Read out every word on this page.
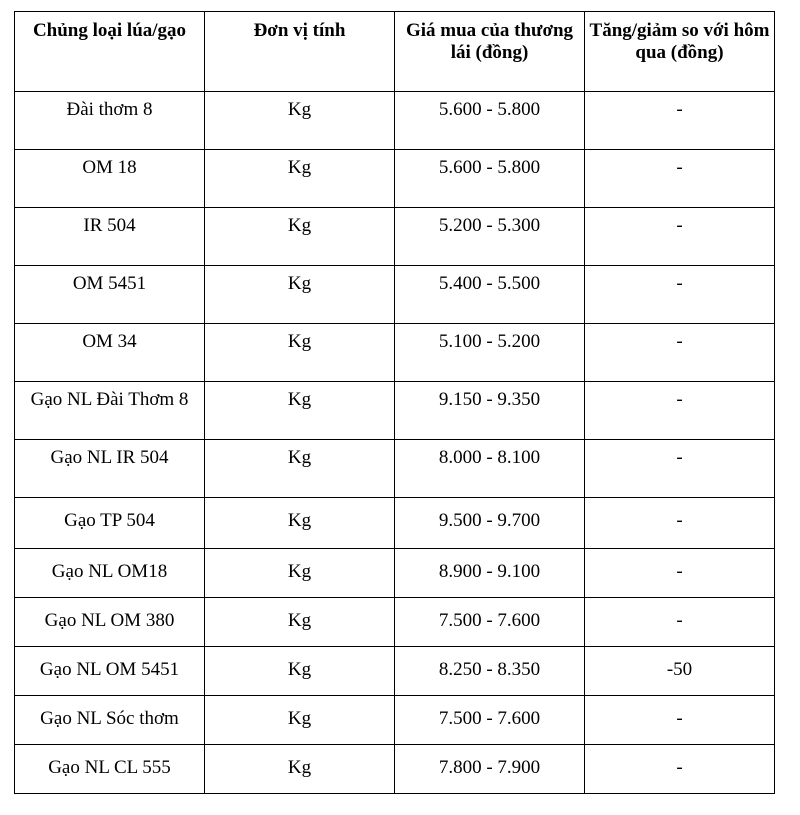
Chủng loại lúa/gạo	Đơn vị tính	Giá mua của thương lái (đồng)	Tăng/giảm so với hôm qua (đồng)
Đài thơm 8	Kg	5.600 - 5.800	-
OM 18	Kg	5.600 - 5.800	-
IR 504	Kg	5.200 - 5.300	-
OM 5451	Kg	5.400 - 5.500	-
OM 34	Kg	5.100 - 5.200	-
Gạo NL Đài Thơm 8	Kg	9.150 - 9.350	-
Gạo NL IR 504	Kg	8.000 - 8.100	-
Gạo TP 504	Kg	9.500 - 9.700	-
Gạo NL OM18	Kg	8.900 - 9.100	-
Gạo NL OM 380	Kg	7.500 - 7.600	-
Gạo NL OM 5451	Kg	8.250 - 8.350	-50
Gạo NL Sóc thơm	Kg	7.500 - 7.600	-
Gạo NL CL 555	Kg	7.800 - 7.900	-
